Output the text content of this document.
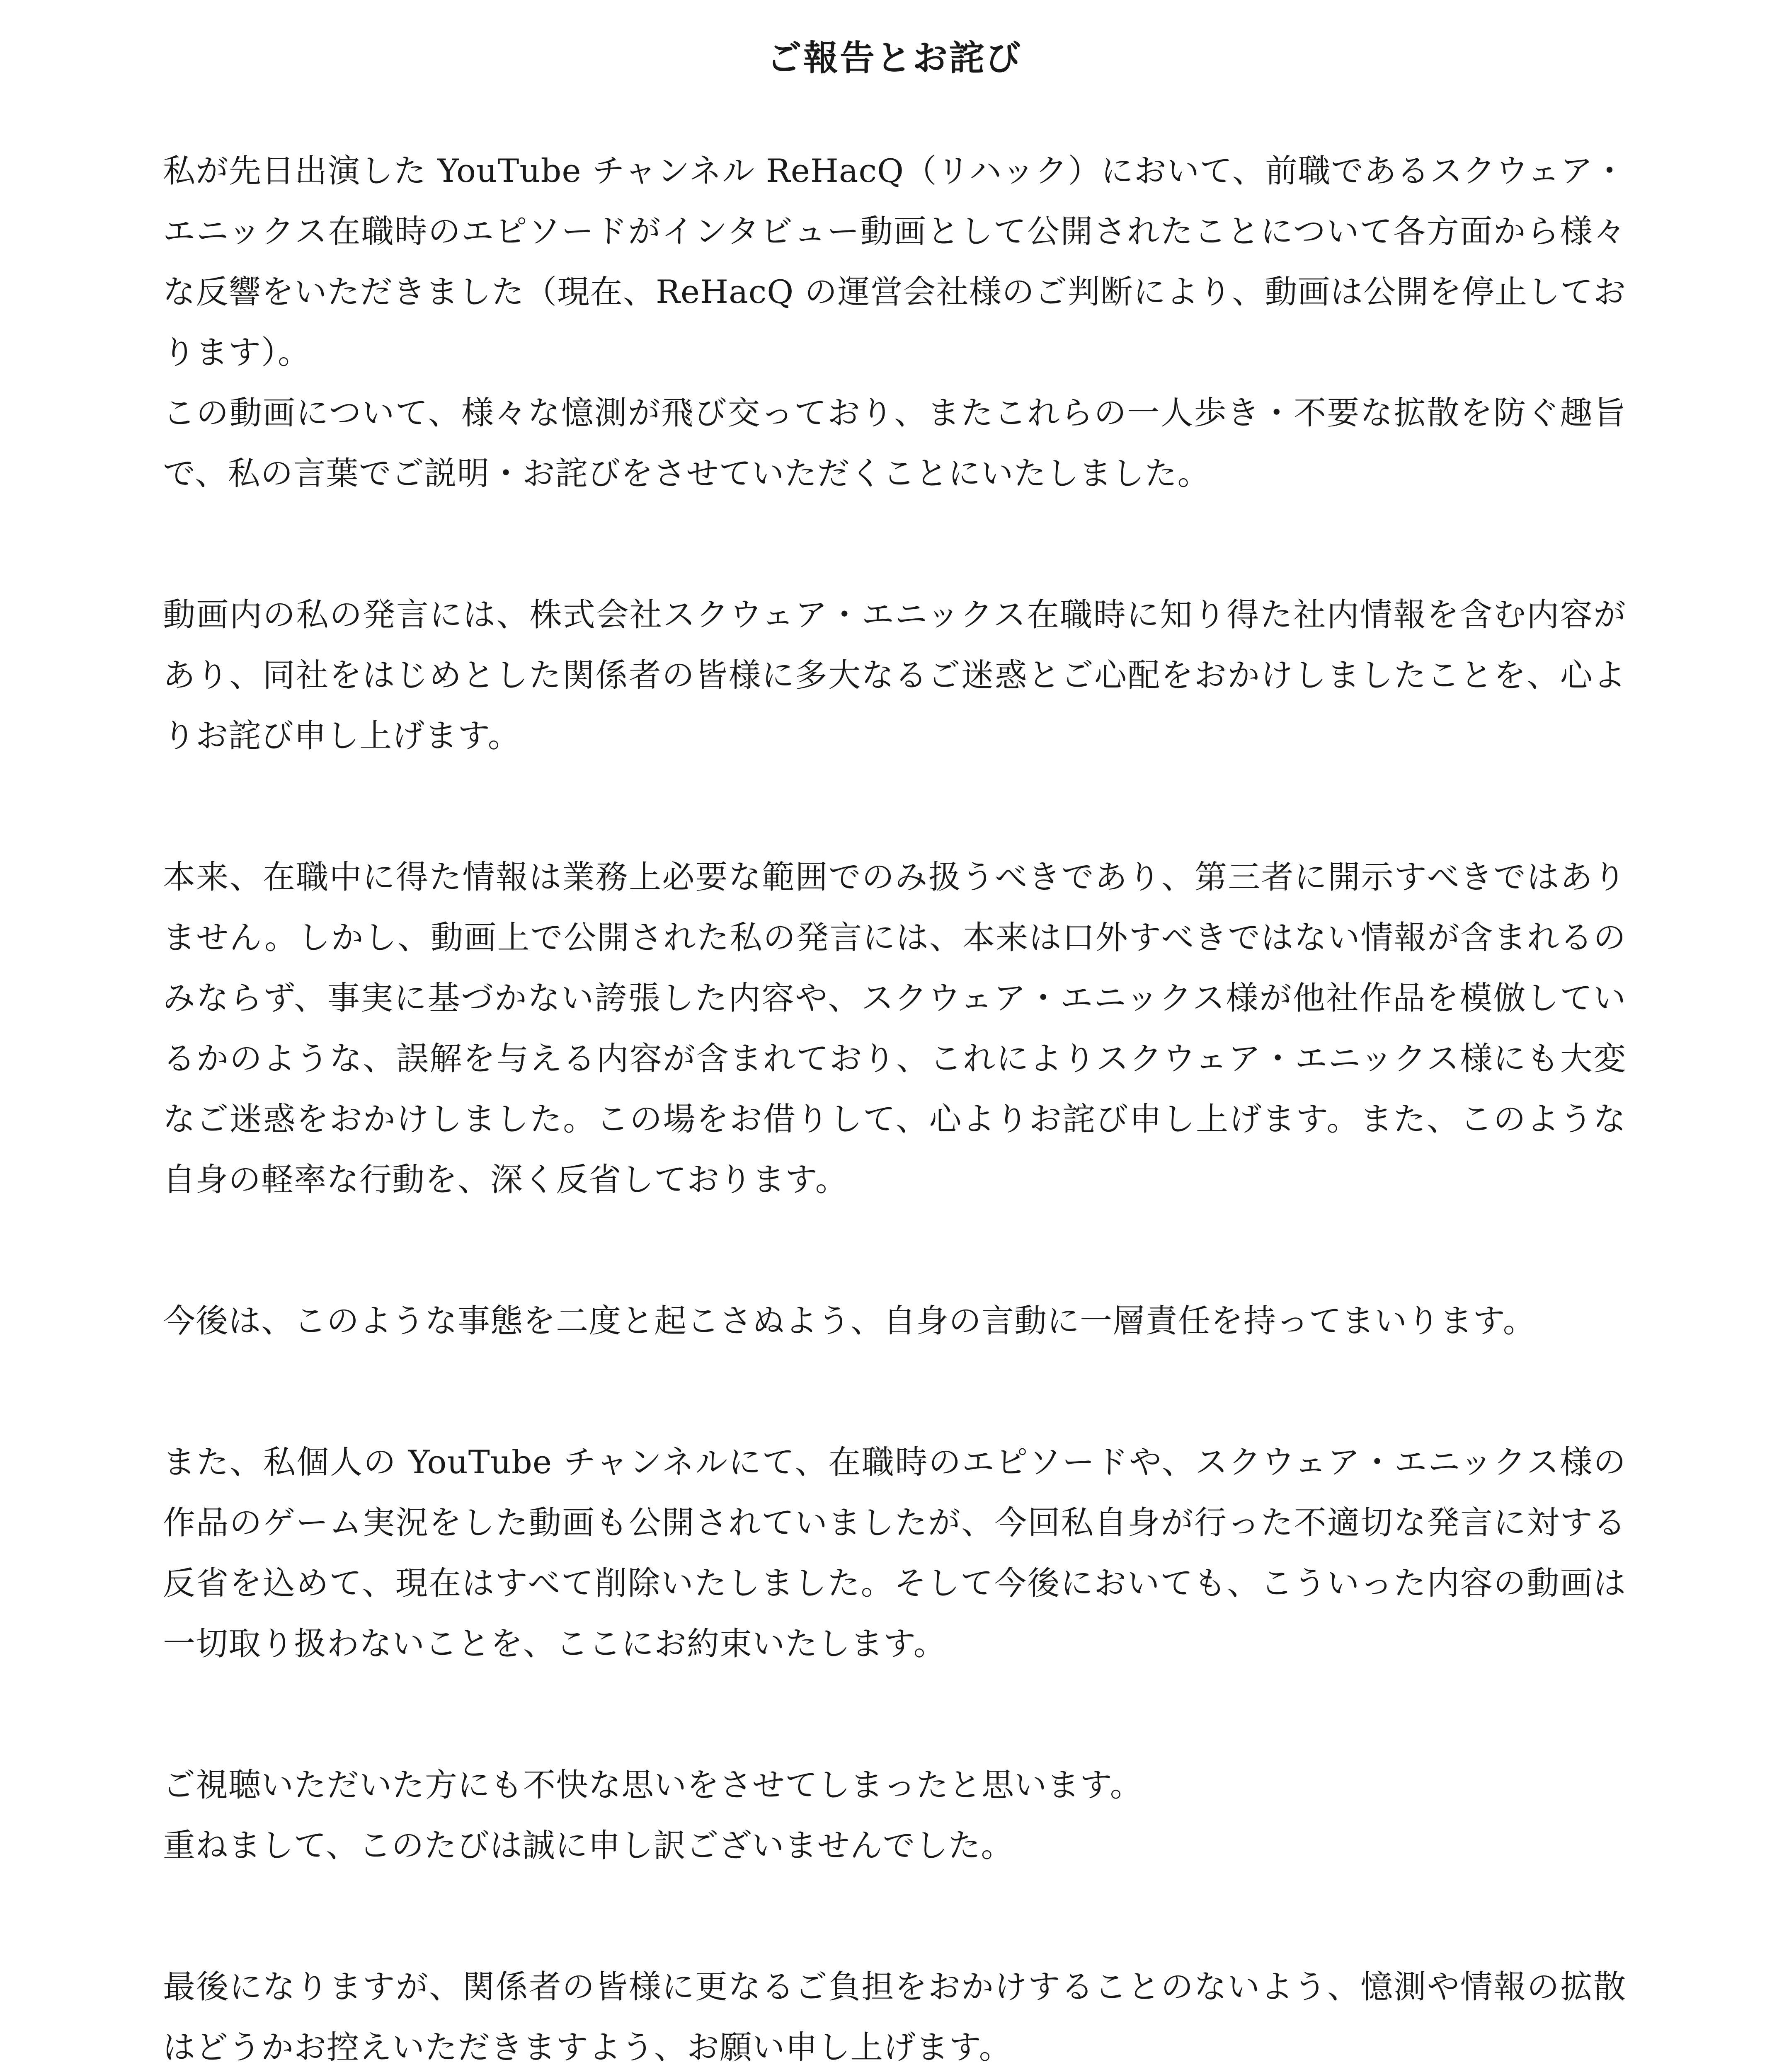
ご報告とお詫び

私が先日出演した YouTube チャンネル ReHacQ（リハック）において、前職であるスクウェア・エニックス在職時のエピソードがインタビュー動画として公開されたことについて各方面から様々な反響をいただきました（現在、ReHacQ の運営会社様のご判断により、動画は公開を停止しております）。
この動画について、様々な憶測が飛び交っており、またこれらの一人歩き・不要な拡散を防ぐ趣旨で、私の言葉でご説明・お詫びをさせていただくことにいたしました。

動画内の私の発言には、株式会社スクウェア・エニックス在職時に知り得た社内情報を含む内容があり、同社をはじめとした関係者の皆様に多大なるご迷惑とご心配をおかけしましたことを、心よりお詫び申し上げます。

本来、在職中に得た情報は業務上必要な範囲でのみ扱うべきであり、第三者に開示すべきではありません。しかし、動画上で公開された私の発言には、本来は口外すべきではない情報が含まれるのみならず、事実に基づかない誇張した内容や、スクウェア・エニックス様が他社作品を模倣しているかのような、誤解を与える内容が含まれており、これによりスクウェア・エニックス様にも大変なご迷惑をおかけしました。この場をお借りして、心よりお詫び申し上げます。また、このような自身の軽率な行動を、深く反省しております。

今後は、このような事態を二度と起こさぬよう、自身の言動に一層責任を持ってまいります。

また、私個人の YouTube チャンネルにて、在職時のエピソードや、スクウェア・エニックス様の作品のゲーム実況をした動画も公開されていましたが、今回私自身が行った不適切な発言に対する反省を込めて、現在はすべて削除いたしました。そして今後においても、こういった内容の動画は一切取り扱わないことを、ここにお約束いたします。

ご視聴いただいた方にも不快な思いをさせてしまったと思います。
重ねまして、このたびは誠に申し訳ございませんでした。

最後になりますが、関係者の皆様に更なるご負担をおかけすることのないよう、憶測や情報の拡散はどうかお控えいただきますよう、お願い申し上げます。
